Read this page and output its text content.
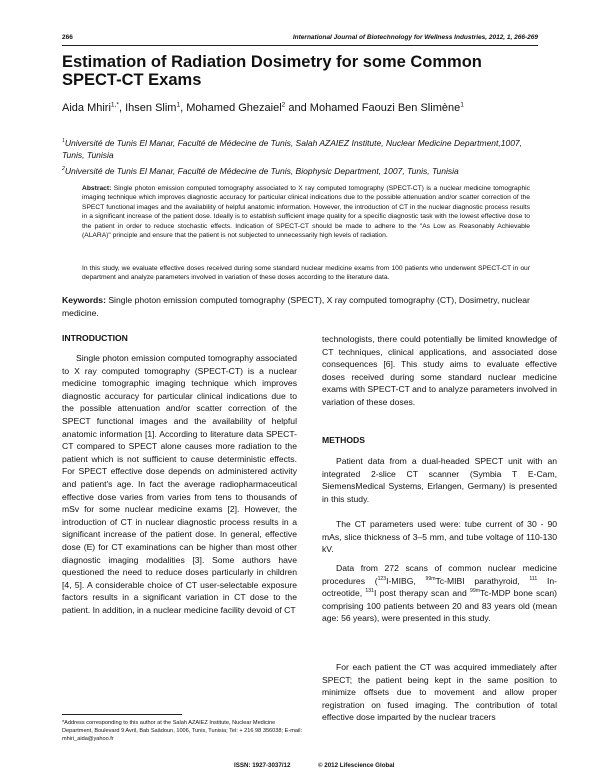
266	International Journal of Biotechnology for Wellness Industries, 2012, 1, 266-269
Estimation of Radiation Dosimetry for some Common SPECT-CT Exams
Aida Mhiri$^{1,*}$, Ihsen Slim$^1$, Mohamed Ghezaiel$^2$ and Mohamed Faouzi Ben Slimène$^1$
$^1$Université de Tunis El Manar, Faculté de Médecine de Tunis, Salah AZAIEZ Institute, Nuclear Medicine Department,1007, Tunis, Tunisia
$^2$Université de Tunis El Manar, Faculté de Médecine de Tunis, Biophysic Department, 1007, Tunis, Tunisia
Abstract: Single photon emission computed tomography associated to X ray computed tomography (SPECT-CT) is a nuclear medicine tomographic imaging technique which improves diagnostic accuracy for particular clinical indications due to the possible attenuation and/or scatter correction of the SPECT functional images and the availability of helpful anatomic information. However, the introduction of CT in the nuclear diagnostic process results in a significant increase of the patient dose. Ideally is to establish sufficient image quality for a specific diagnostic task with the lowest effective dose to the patient in order to reduce stochastic effects. Indication of SPECT-CT should be made to adhere to the "As Low as Reasonably Achievable (ALARA)" principle and ensure that the patient is not subjected to unnecessarily high levels of radiation.
In this study, we evaluate effective doses received during some standard nuclear medicine exams from 100 patients who underwent SPECT-CT in our department and analyze parameters involved in variation of these doses according to the literature data.
Keywords: Single photon emission computed tomography (SPECT), X ray computed tomography (CT), Dosimetry, nuclear medicine.
INTRODUCTION

Single photon emission computed tomography associated to X ray computed tomography (SPECT-CT) is a nuclear medicine tomographic imaging technique which improves diagnostic accuracy for particular clinical indications due to the possible attenuation and/or scatter correction of the SPECT functional images and the availability of helpful anatomic information [1]. According to literature data SPECT-CT compared to SPECT alone causes more radiation to the patient which is not sufficient to cause deterministic effects. For SPECT effective dose depends on administered activity and patient's age. In fact the average radiopharmaceutical effective dose varies from varies from tens to thousands of mSv for some nuclear medicine exams [2]. However, the introduction of CT in nuclear diagnostic process results in a significant increase of the patient dose. In general, effective dose (E) for CT examinations can be higher than most other diagnostic imaging modalities [3]. Some authors have questioned the need to reduce doses particularly in children [4, 5]. A considerable choice of CT user-selectable exposure factors results in a significant variation in CT dose to the patient. In addition, in a nuclear medicine facility devoid of CT

technologists, there could potentially be limited knowledge of CT techniques, clinical applications, and associated dose consequences [6]. This study aims to evaluate effective doses received during some standard nuclear medicine exams with SPECT-CT and to analyze parameters involved in variation of these doses.

METHODS

Patient data from a dual-headed SPECT unit with an integrated 2-slice CT scanner (Symbia T E-Cam, SiemensMedical Systems, Erlangen, Germany) is presented in this study.

The CT parameters used were: tube current of 30 - 90 mAs, slice thickness of 3–5 mm, and tube voltage of 110-130 kV.

Data from 272 scans of common nuclear medicine procedures ($^{123}$I-MIBG, $^{99m}$Tc-MIBI parathyroid, $^{111}$ In-octreotide, $^{131}$I post therapy scan and $^{99m}$Tc-MDP bone scan) comprising 100 patients between 20 and 83 years old (mean age: 56 years), were presented in this study.

For each patient the CT was acquired immediately after SPECT; the patient being kept in the same position to minimize offsets due to movement and allow proper registration on fused imaging. The contribution of total effective dose imparted by the nuclear tracers

*Address corresponding to this author at the Salah AZAIEZ Institute, Nuclear Medicine Department, Boulevard 9 Avril, Bab Saâdoun, 1006, Tunis, Tunisia; Tel: + 216 98 356038; E-mail: mhiri_aida@yahoo.fr
ISSN: 1927-3037/12	© 2012 Lifescience Global
